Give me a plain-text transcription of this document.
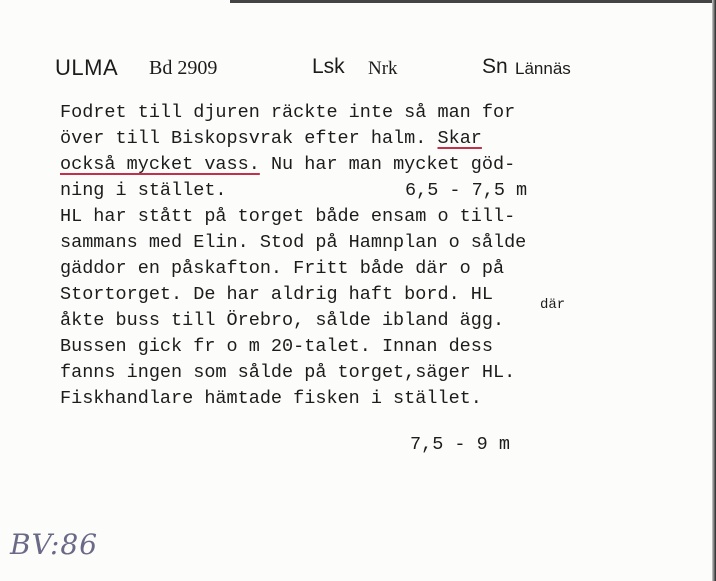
ULMA Bd 2909	Lsk Nrk	Sn Lännäs
Fodret till djuren räckte inte så man for
över till Biskopsvrak efter halm. Skar
också mycket vass. Nu har man mycket göd-
ning i stället.	6,5 - 7,5 m
HL har stått på torget både ensam o till-
sammans med Elin. Stod på Hamnplan o sålde
gäddor en påskafton. Fritt både där o på
Stortorget. De har aldrig haft bord. HL	där
åkte buss till Örebro, sålde ibland ägg.
Bussen gick fr o m 20-talet. Innan dess
fanns ingen som sålde på torget,säger HL.
Fiskhandlare hämtade fisken i stället.
7,5 - 9 m
BV:86
